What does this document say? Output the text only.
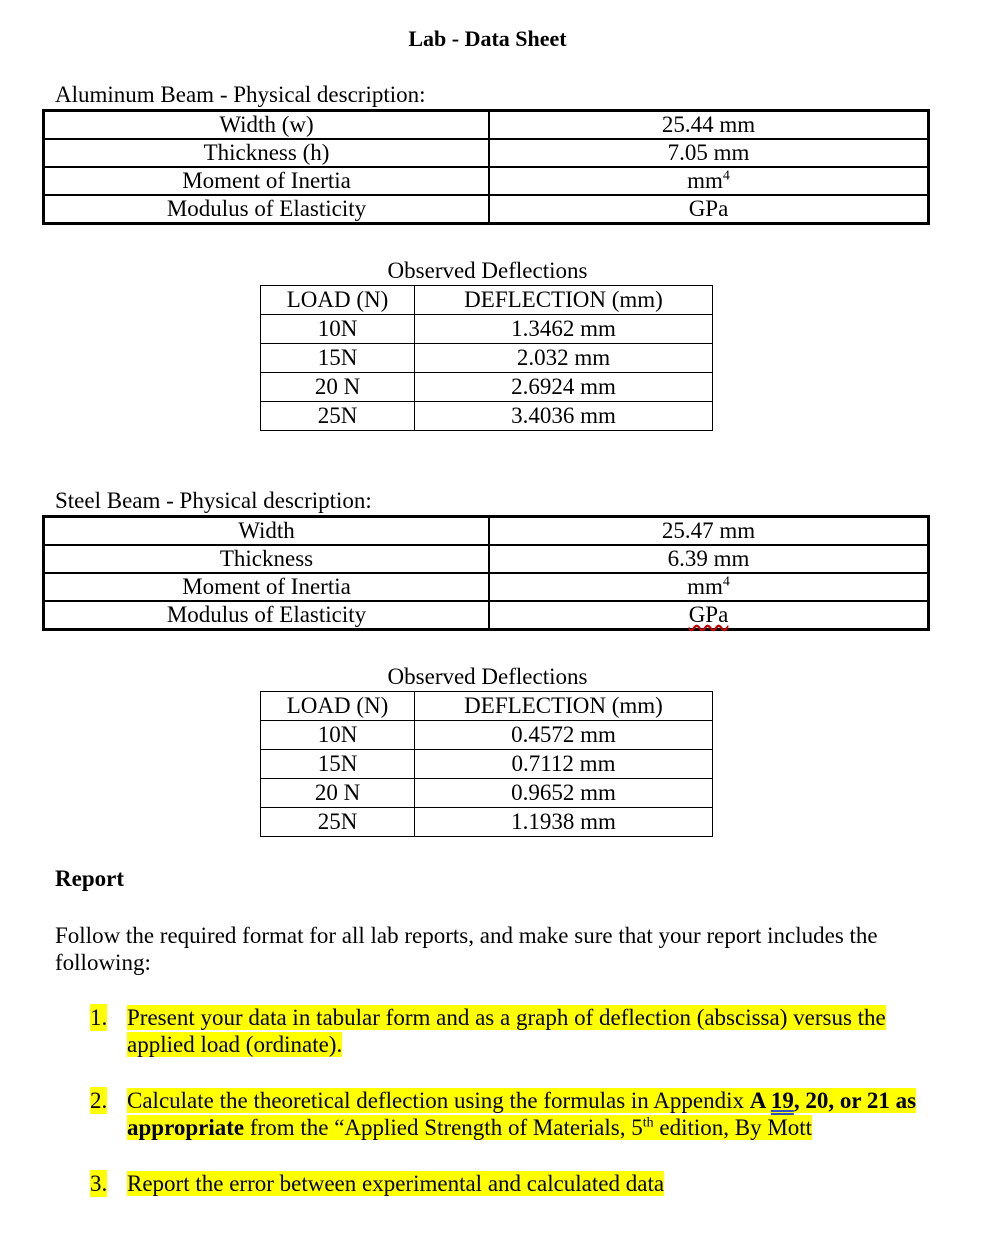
Lab - Data Sheet
Aluminum Beam - Physical description:
Width (w)	25.44 mm
Thickness (h)	7.05 mm
Moment of Inertia	$mm^4$
Modulus of Elasticity	GPa
Observed Deflections
LOAD (N)	DEFLECTION (mm)
10N	1.3462 mm
15N	2.032 mm
20 N	2.6924 mm
25N	3.4036 mm
Steel Beam - Physical description:
Width	25.47 mm
Thickness	6.39 mm
Moment of Inertia	$mm^4$
Modulus of Elasticity	GPa
Observed Deflections
LOAD (N)	DEFLECTION (mm)
10N	0.4572 mm
15N	0.7112 mm
20 N	0.9652 mm
25N	1.1938 mm
Report
Follow the required format for all lab reports, and make sure that your report includes the following:
1. Present your data in tabular form and as a graph of deflection (abscissa) versus the applied load (ordinate).
2. Calculate the theoretical deflection using the formulas in Appendix A 19, 20, or 21 as appropriate from the “Applied Strength of Materials, 5th edition, By Mott
3. Report the error between experimental and calculated data
